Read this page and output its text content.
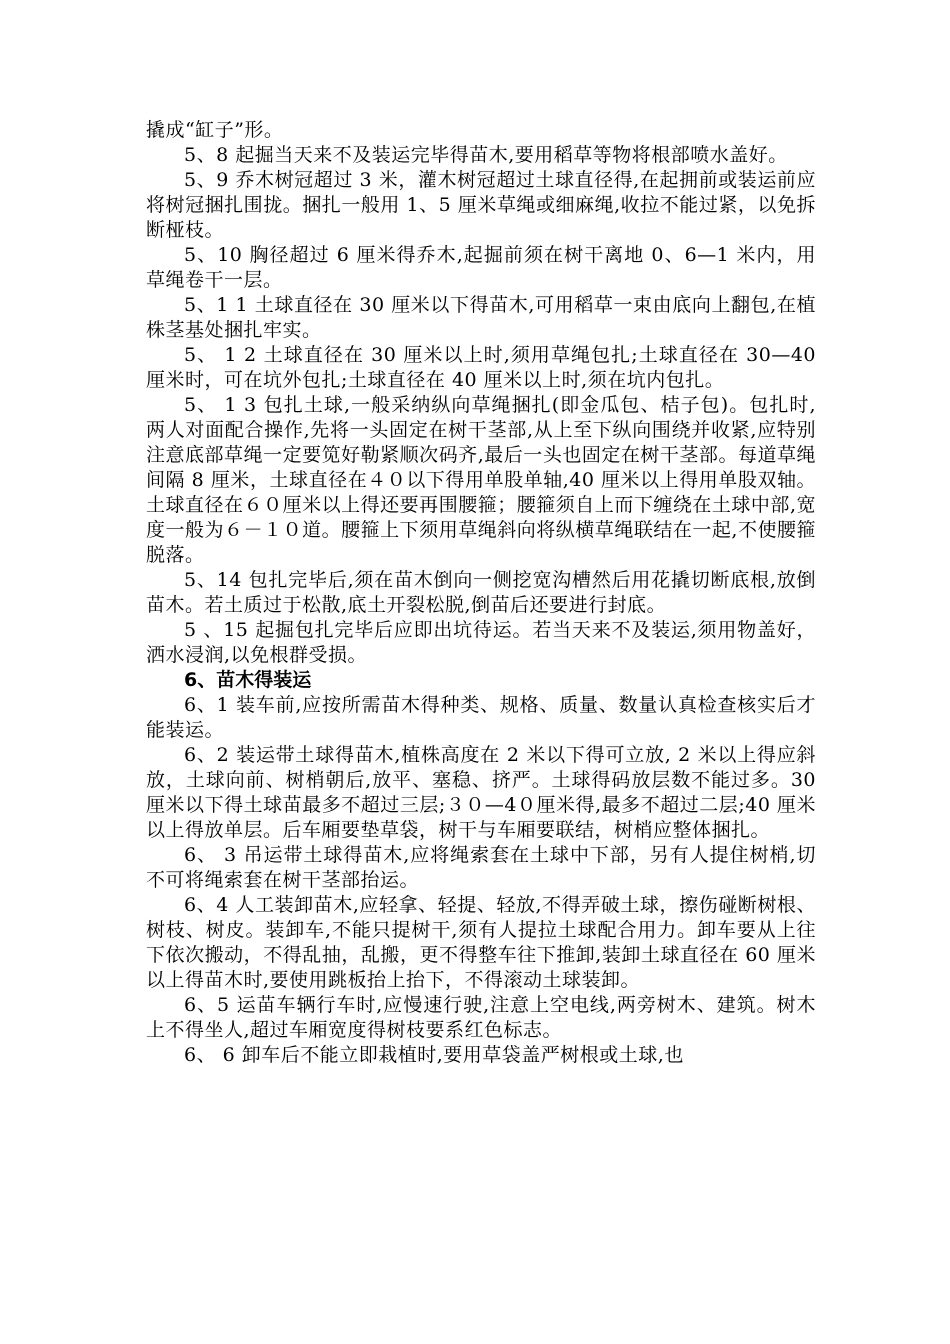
撬成“缸子”形。

5、8 起掘当天来不及装运完毕得苗木,要用稻草等物将根部喷水盖好。

5、9 乔木树冠超过 3 米，灌木树冠超过土球直径得,在起拥前或装运前应将树冠捆扎围拢。捆扎一般用 1、5 厘米草绳或细麻绳,收拉不能过紧，以免拆断桠枝。

5、10 胸径超过 6 厘米得乔木,起掘前须在树干离地 0、6—1 米内，用草绳卷干一层。

5、1 1 土球直径在 30 厘米以下得苗木,可用稻草一束由底向上翻包,在植株茎基处捆扎牢实。

5、 1 2 土球直径在 30 厘米以上时,须用草绳包扎;土球直径在 30—40 厘米时，可在坑外包扎;土球直径在 40 厘米以上时,须在坑内包扎。

5、 1 3 包扎土球,一般采纳纵向草绳捆扎(即金瓜包、桔子包)。包扎时,两人对面配合操作,先将一头固定在树干茎部,从上至下纵向围绕并收紧,应特别注意底部草绳一定要笕好勒紧顺次码齐,最后一头也固定在树干茎部。每道草绳间隔 8 厘米，土球直径在４０以下得用单股单轴,40 厘米以上得用单股双轴。土球直径在６０厘米以上得还要再围腰箍；腰箍须自上而下缠绕在土球中部,宽度一般为６－１０道。腰箍上下须用草绳斜向将纵横草绳联结在一起,不使腰箍脱落。

5、14 包扎完毕后,须在苗木倒向一侧挖宽沟槽然后用花撬切断底根,放倒苗木。若土质过于松散,底土开裂松脱,倒苗后还要进行封底。

5 、15 起掘包扎完毕后应即出坑待运。若当天来不及装运,须用物盖好，洒水浸润,以免根群受损。

6、苗木得装运

6、1 装车前,应按所需苗木得种类、规格、质量、数量认真检查核实后才能装运。

6、2 装运带土球得苗木,植株高度在 2 米以下得可立放, 2 米以上得应斜放，土球向前、树梢朝后,放平、塞稳、挤严。土球得码放层数不能过多。30 厘米以下得土球苗最多不超过三层;３０—4０厘米得,最多不超过二层;40 厘米以上得放单层。后车厢要垫草袋，树干与车厢要联结，树梢应整体捆扎。

6、 3 吊运带土球得苗木,应将绳索套在土球中下部，另有人提住树梢,切不可将绳索套在树干茎部抬运。

6、4 人工装卸苗木,应轻拿、轻提、轻放,不得弄破土球，擦伤碰断树根、树枝、树皮。装卸车,不能只提树干,须有人提拉土球配合用力。卸车要从上往下依次搬动，不得乱抽，乱搬，更不得整车往下推卸,装卸土球直径在 60 厘米以上得苗木时,要使用跳板抬上抬下，不得滚动土球装卸。

6、5 运苗车辆行车时,应慢速行驶,注意上空电线,两旁树木、建筑。树木上不得坐人,超过车厢宽度得树枝要系红色标志。

6、 6 卸车后不能立即栽植时,要用草袋盖严树根或土球,也
